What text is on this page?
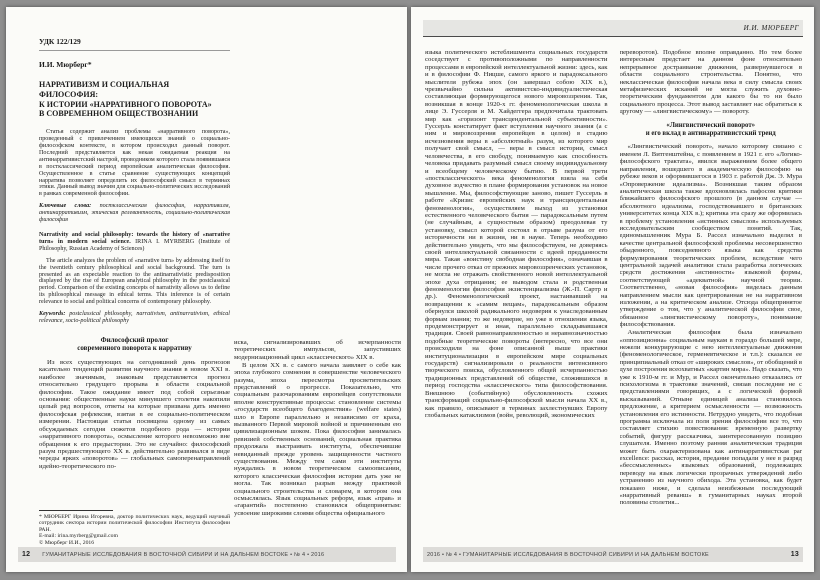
УДК 122/129
И.И. Мюрберг*
НАРРАТИВИЗМ И СОЦИАЛЬНАЯ ФИЛОСОФИЯ:
К ИСТОРИИ «НАРРАТИВНОГО ПОВОРОТА»
В СОВРЕМЕННОМ ОБЩЕСТВОЗНАНИИ
Статья содержит анализ проблемы «нарративного поворота», проведенный с привлечением имеющихся знаний о социально-философском контексте, в котором происходил данный поворот. Последний представляется как некая ожидаемая реакция на антинарративистский настрой, проводником которого стала появившаяся в постклассический период европейская аналитическая философия. Осуществленное в статье сравнение существующих концепций нарратива позволяет определить их философский смысл в терминах этики. Данный вывод значим для социально-политических исследований в рамках современной философии.
Ключевые слова: постклассическая философия, нарративизм, антинарративизм, этическая релевантность, социально-политическая философия
Narrativity and social philosophy: towards the history of «narrative turn» in modern social science. IRINA I. MYRBERG (Institute of Philosophy, Russian Academy of Sciences)
The article analyzes the problem of «narrative turn» by addressing itself to the twentieth century philosophical and social background. The turn is presented as an expectable reaction to the antinarrativistic predisposition displayed by the rise of European analytical philosophy in the postclassical period. Comparison of the existing concepts of narrativity allows us to define its philosophical message in ethical terms. This inference is of certain relevance to social and political concerns of contemporary philosophy.
Keywords: postclassical philosophy, narrativism, antinarrativism, ethical relevance, socio-political philosophy
Философский пролог
современного поворота к нарративу
Из всех существующих на сегодняшний день прогнозов касательно тенденций развития научного знания в новом XXI в. наиболее значимым, знаковым представляется прогноз относительно грядущего прорыва в области социальной философии. Такое ожидание имеет под собой серьезные основания: общественные науки минувшего столетия накопили целый ряд вопросов, ответы на которые призвана дать именно философская рефлексия, взятая в ее социально-политическом измерении. Настоящая статья посвящена одному из самых обсуждаемых сегодня сюжетов подобного рода — истории «нарративного поворота», осмысление которого невозможно вне обращения к его предыстории. Это не случайно: философский разум предшествующего XX в. действительно развивался в виде череды ярких «поворотов» — глобальных самоперенаправлений идейно-теоретического по-
иска, сигнализировавших об исчерпанности теоретических импульсов, запустивших модернизационный цикл «классического» XIX в.
В целом XX в. с самого начала заявляет о себе как эпоха глубокого сомнения в совершенстве человеческого разума, эпоха пересмотра просветительских представлений о прогрессе. Показательно, что социальным разочарованиям европейцев сопутствовали вполне конструктивные процессы: становление системы «государств всеобщего благоденствия» (welfare states) шло в Европе параллельно и независимо от краха, вызванного Первой мировой войной и причиненным ею цивилизационным шоком. Пока философия занималась ревизией собственных оснований, социальная практика продолжала выстраивать институты, обеспечившие невиданный прежде уровень защищенности частного существования. Между тем сами эти институты нуждались в новом теоретическом самоописании, которого классическая философия истории дать уже не могла. Так возникал разрыв между практикой социального строительства и словарем, в котором она осмыслялась. Язык социальных реформ, язык «прав» и «гарантий» постепенно становился общепринятым: усвоение широкими слоями общества официального
* МЮРБЕРГ Ирина Игоревна, доктор политических наук, ведущий научный сотрудник сектора истории политической философии Института философии РАН.
E-mail: irina.myrberg@gmail.com
© Мюрберг И.И., 2016
12 ГУМАНИТАРНЫЕ ИССЛЕДОВАНИЯ В ВОСТОЧНОЙ СИБИРИ И НА ДАЛЬНЕМ ВОСТОКЕ • № 4 • 2016
И.И. МЮРБЕРГ
языка политического истеблишмента социальных государств соседствует с противоположными по направленности процессами в европейской интеллектуальной жизни: здесь, как и в философии Ф. Ницше, самого яркого и парадоксального мыслителя рубежа эпох (он завершал собою XIX в.), чрезвычайно сильна активистско-индивидуалистическая составляющая формирующегося нового мировоззрения. Так, возникшая в конце 1920-х гг. феноменологическая школа в лице Э. Гуссерля и М. Хайдеггера предпочитала трактовать мир как «горизонт трансцендентальной субъективности». Гуссерль констатирует факт вступления научного знания (а с ним и мировоззрения европейцев в целом) в стадию исчезновения веры в «абсолютный» разум, из которого мир получает свой смысл, — веры в смысл истории, смысл человечества, в его свободу, понимаемую как способность человека придавать разумный смысл своему индивидуальному и всеобщему человеческому бытию. В первой трети «постклассического» века феноменология взяла на себя духовное зодчество в плане формирования установок на новое мышление. Мы, философствующие заново, пишет Гуссерль в работе «Кризис европейских наук и трансцендентальная феноменология», осуществляем выход из установки естественного человеческого бытия — парадоксальным путем (не случайным, а сущностным образом) преодолевая ту установку, смысл которой состоял в отрыве разума от его историчности ни в жизни, ни в науке. Теперь необходимо действительно увидеть, что мы философствуем, не доверяясь своей интеллектуальной связанности с идеей предданности мира. Такая «воистину свободная философия», означавшая в числе прочего отказ от прежних мировоззренческих установок, не могла не отражать свойственного новой интеллектуальной эпохе духа отрицания; ее выводом стала и родственная феноменологии философия экзистенциализма (Ж.-П. Сартр и др.). Феноменологический проект, настаивавший на возвращении к «самим вещам», парадоксальным образом обернулся школой радикального недоверия к унаследованным формам знания; то же недоверие, но уже в отношении языка, продемонстрирует и иная, параллельно складывавшаяся традиция. Своей равнонаправленностью и неравнозначностью подобные теоретические повороты (интересно, что все они происходили на фоне описанной выше практики институционализации в европейском мире социальных государств) сигнализировали о реальности интенсивного творческого поиска, обусловленного общей исчерпанностью традиционных представлений об обществе, сложившихся в период господства «классического» типа философствования. Внешнюю (событийную) обусловленность схожих трансформаций социально-философской мысли начала XX в., как правило, описывают в терминах захлестнувших Европу глобальных катаклизмов (войн, революций, экономических
переворотов). Подобное вполне оправданно. Но тем более интересным предстает на данном фоне относительно непрерывное достраивание движения, развернувшегося в области социального строительства. Понятно, что неклассическая философия начала века в силу смысла своих метафизических исканий не могла служить духовно-теоретическим фундаментом для какого бы то ни было социального процесса. Этот вывод заставляет нас обратиться к другому — «лингвистическому» — повороту.
«Лингвистический поворот»
и его вклад в антинарративистский тренд
«Лингвистический поворот», начало которому связано с именем Л. Витгенштейна, с появлением в 1921 г. его «Логико-философского трактата», явился выражением более общего направления, вошедшего в академическую философию на рубеже веков и оформившегося в 1903 г. работой Дж. Э. Мура «Опровержение идеализма». Возникшая таким образом аналитическая школа также вдохновлялась пафосом критики ближайшего философского прошлого (в данном случае — абсолютного идеализма, господствовавшего в британских университетах конца XIX в.); критика эта сразу же оформилась в проблему установления «истинных смыслов» используемых исследовательским сообществом понятий. Так, единомышленник Мура Б. Рассел изначально выделял в качестве центральной философской проблемы несовершенство обыденного, повседневного языка как средства формулирования теоретических проблем, вследствие чего центральной задачей аналитики стала разработка логических средств достижения «истинности» языковой формы, соответствующей «адекватной» научной теории. Соответственно, «новая философия» виделась данным направлением мысли как центрированная не на нарративном изложении, а на критическом анализе. Отсюда общепринятое утверждение о том, что у аналитической философии свое, обязанное «лингвистическому повороту», понимание философствования.
Аналитическая философия была изначально «оппозиционна» социальным наукам в гораздо большей мере, нежели конкурирующие с нею интеллектуальные движения (феноменологическое, герменевтическое и т.п.): сказался ее принципиальный отказ от «широких смыслов», от обобщений в духе построения всеохватных «картин мира». Надо сказать, что уже к 1910-м гг. и Мур, и Рассел окончательно отказались от психологизма в трактовке значений, связав последние не с представлениями говорящих, а с логической формой высказываний. Отныне единицей анализа становилось предложение, а критерием осмысленности — возможность установления его истинности. Нетрудно увидеть, что подобная программа исключала из поля зрения философии все то, что составляет стихию повествования: временную развертку событий, фигуру рассказчика, заинтересованную позицию слушателя. Именно поэтому ранняя аналитическая традиция может быть охарактеризована как антинарративистская par excellence: рассказ, история, предание попадали у нее в разряд «бессмысленных» языковых образований, подлежащих переводу на язык логически прозрачных утверждений либо устранению из научного обихода. Эта установка, как будет показано ниже, и сделала неизбежным последующий «нарративный реванш» в гуманитарных науках второй половины столетия...
2016 • № 4 • ГУМАНИТАРНЫЕ ИССЛЕДОВАНИЯ В ВОСТОЧНОЙ СИБИРИ И НА ДАЛЬНЕМ ВОСТОКЕ	13
